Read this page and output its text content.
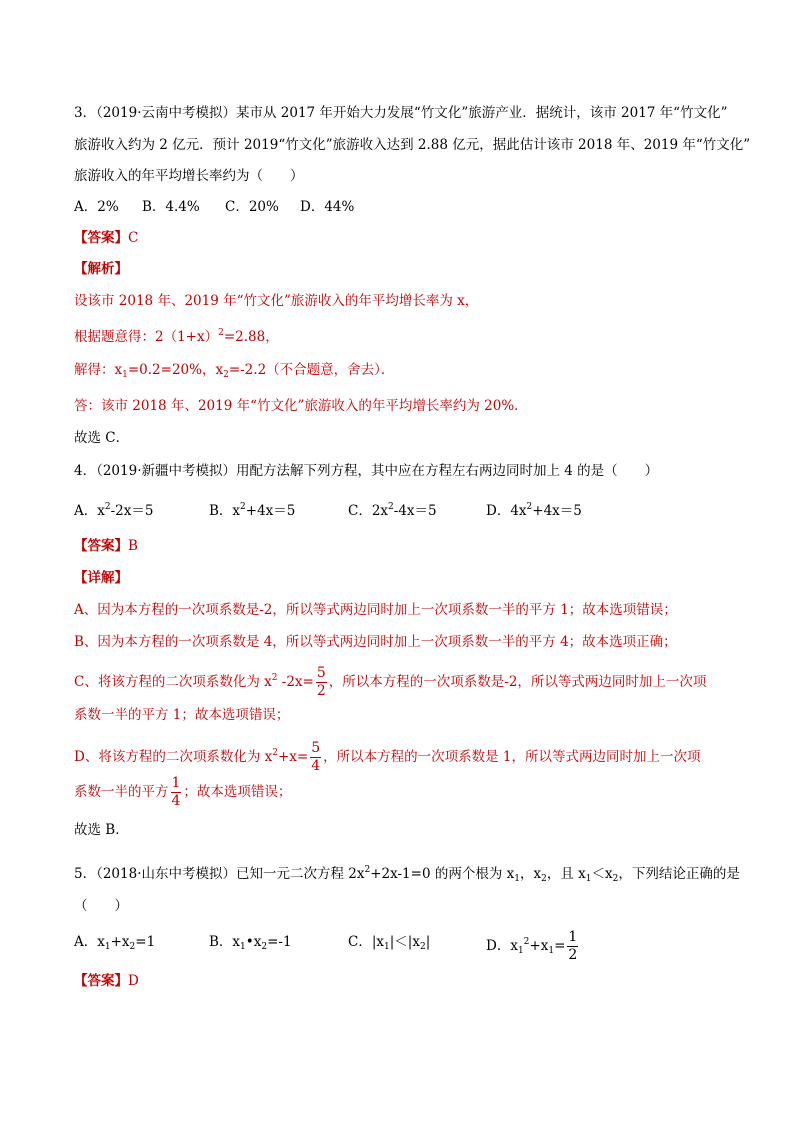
3．（2019·云南中考模拟）某市从 2017 年开始大力发展“竹文化”旅游产业．据统计，该市 2017 年“竹文化”
旅游收入约为 2 亿元．预计 2019“竹文化”旅游收入达到 2.88 亿元，据此估计该市 2018 年、2019 年“竹文化”
旅游收入的年平均增长率约为（　　）
A．2% B．4.4% C．20% D．44%
【答案】C
【解析】
设该市 2018 年、2019 年“竹文化”旅游收入的年平均增长率为 x，
根据题意得：$2(1+x)^2=2.88$，
解得：$x_1=0.2=20\%$，$x_2=-2.2$（不合题意，舍去）．
答：该市 2018 年、2019 年“竹文化”旅游收入的年平均增长率约为 20%．
故选 C．
4．（2019·新疆中考模拟）用配方法解下列方程，其中应在方程左右两边同时加上 4 的是（　　）
A．$x^2-2x=5$	B．$x^2+4x=5$	C．$2x^2-4x=5$	D．$4x^2+4x=5$
【答案】B
【详解】
A、因为本方程的一次项系数是-2，所以等式两边同时加上一次项系数一半的平方 1；故本选项错误；
B、因为本方程的一次项系数是 4，所以等式两边同时加上一次项系数一半的平方 4；故本选项正确；
C、将该方程的二次项系数化为 $x^2$ $-2x= \frac{5}{2}$ ，所以本方程的一次项系数是-2，所以等式两边同时加上一次项
系数一半的平方 1；故本选项错误；
D、将该方程的二次项系数化为 $x^2+x= \frac{5}{4}$ ，所以本方程的一次项系数是 1，所以等式两边同时加上一次项
系数一半的平方 $\frac{1}{4}$ ；故本选项错误；
故选 B．
5．（2018·山东中考模拟）已知一元二次方程 $2x^2+2x-1=0$ 的两个根为 $x_1$，$x_2$，且 $x_1<x_2$，下列结论正确的是
（　　）
A．$x_1+x_2=1$	B．$x_1•x_2=-1$	C．$|x_1|<|x_2|$	D．$x_1^2+x_1= \frac{1}{2}$
【答案】D
